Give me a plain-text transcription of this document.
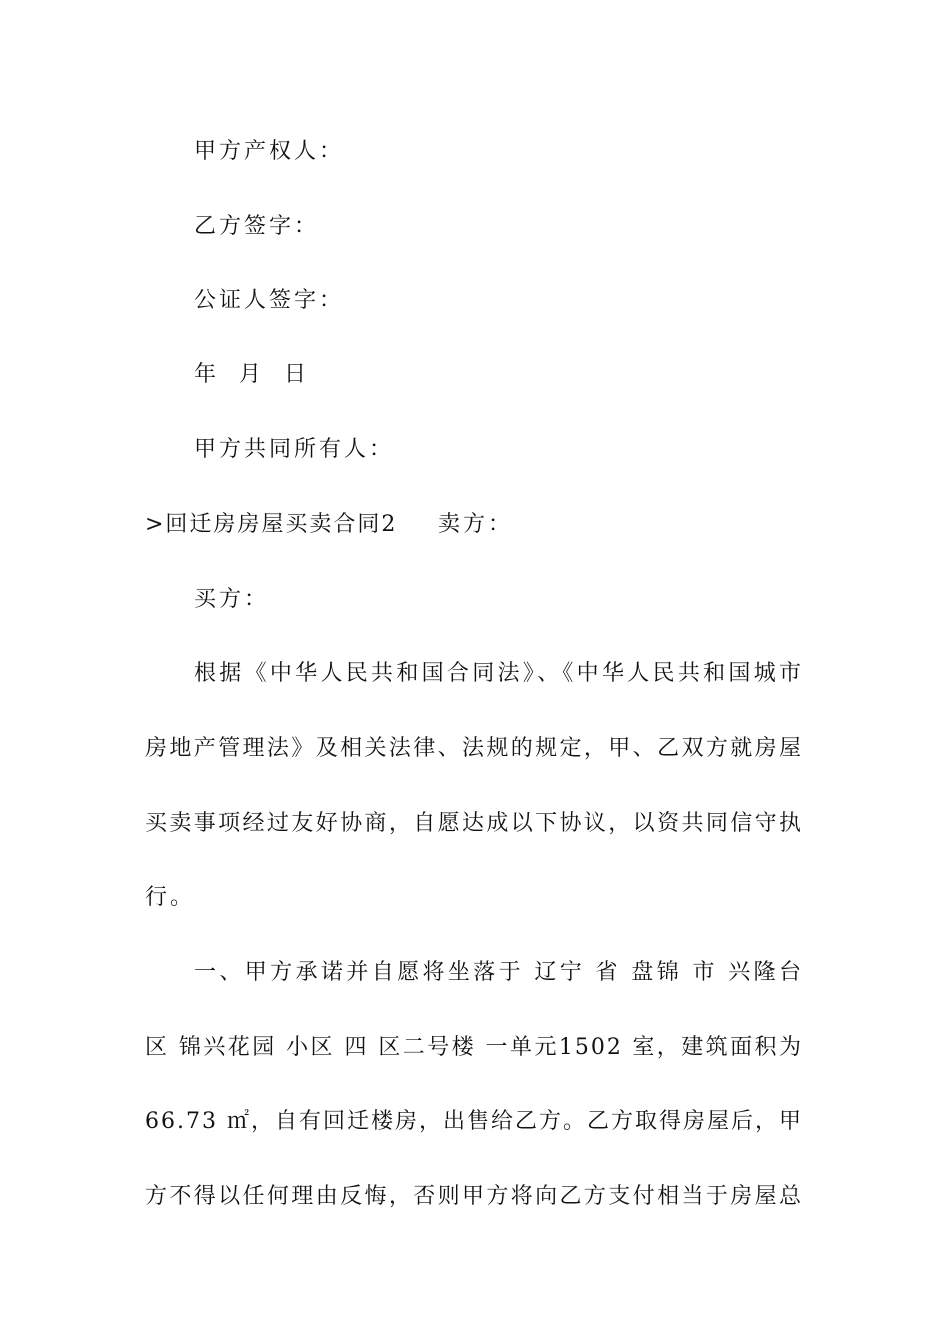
甲方产权人：
乙方签字：
公证人签字：
年  月  日
甲方共同所有人：
>回迁房房屋买卖合同2 卖方：
买方：
根据《中华人民共和国合同法》、《中华人民共和国城市
房地产管理法》及相关法律、法规的规定，甲、乙双方就房屋
买卖事项经过友好协商，自愿达成以下协议，以资共同信守执
行。
一、甲方承诺并自愿将坐落于 辽宁 省 盘锦 市 兴隆台
区 锦兴花园 小区 四 区二号楼 一单元1502 室，建筑面积为
66.73 ㎡，自有回迁楼房，出售给乙方。乙方取得房屋后，甲
方不得以任何理由反悔，否则甲方将向乙方支付相当于房屋总
